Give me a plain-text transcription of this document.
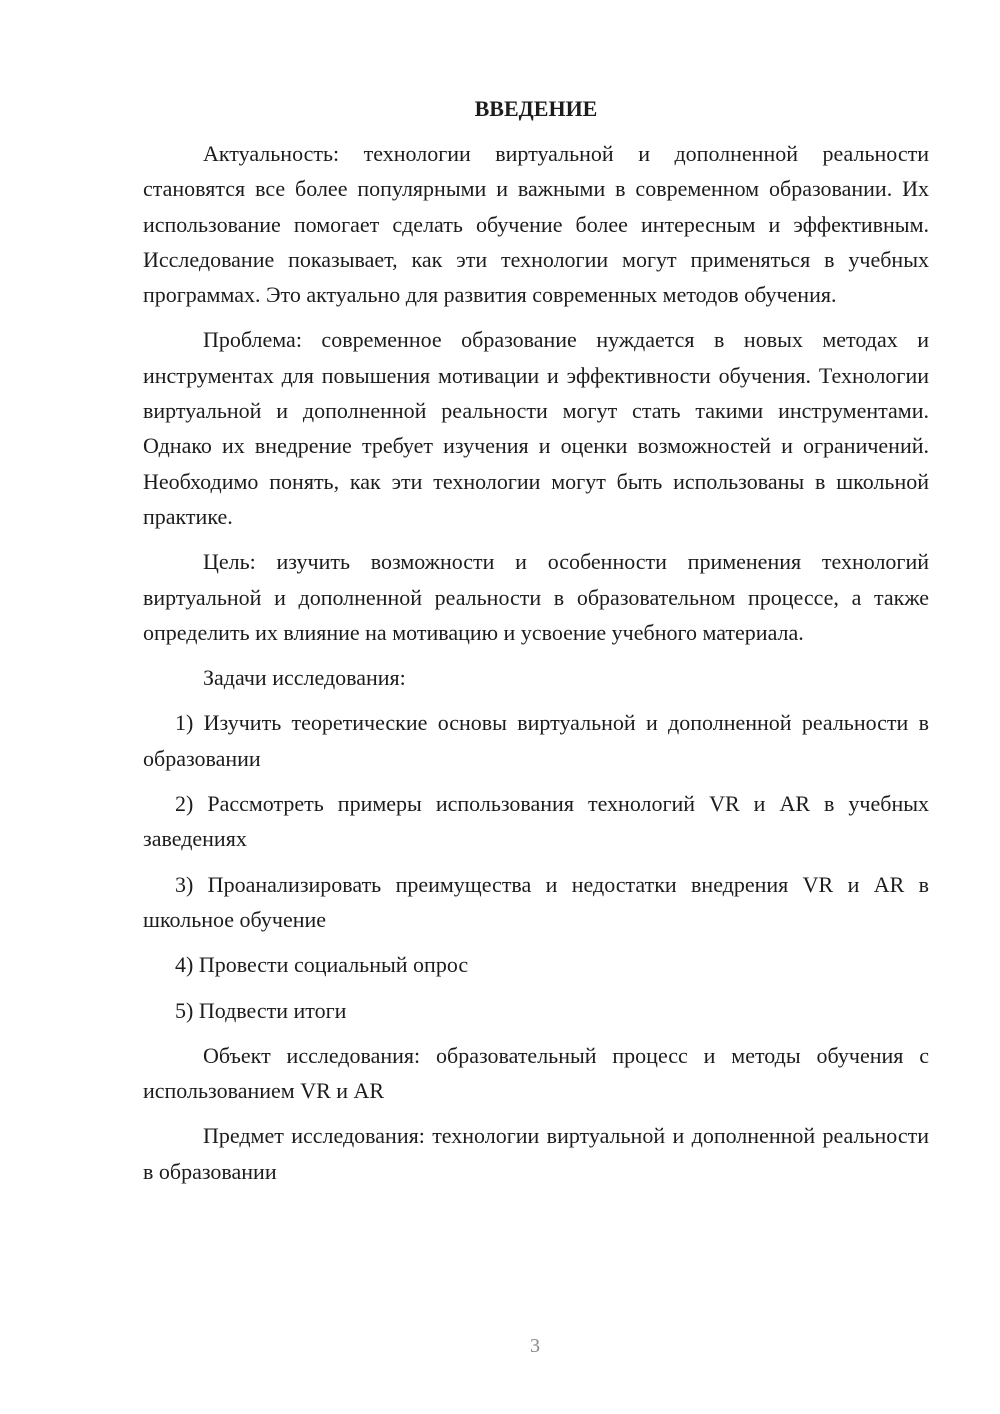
ВВЕДЕНИЕ

Актуальность: технологии виртуальной и дополненной реальности становятся все более популярными и важными в современном образовании. Их использование помогает сделать обучение более интересным и эффективным. Исследование показывает, как эти технологии могут применяться в учебных программах. Это актуально для развития современных методов обучения.

Проблема: современное образование нуждается в новых методах и инструментах для повышения мотивации и эффективности обучения. Технологии виртуальной и дополненной реальности могут стать такими инструментами. Однако их внедрение требует изучения и оценки возможностей и ограничений. Необходимо понять, как эти технологии могут быть использованы в школьной практике.

Цель: изучить возможности и особенности применения технологий виртуальной и дополненной реальности в образовательном процессе, а также определить их влияние на мотивацию и усвоение учебного материала.

Задачи исследования:

1) Изучить теоретические основы виртуальной и дополненной реальности в образовании

2) Рассмотреть примеры использования технологий VR и AR в учебных заведениях

3) Проанализировать преимущества и недостатки внедрения VR и AR в школьное обучение

4) Провести социальный опрос

5) Подвести итоги

Объект исследования: образовательный процесс и методы обучения с использованием VR и AR

Предмет исследования: технологии виртуальной и дополненной реальности в образовании

3
